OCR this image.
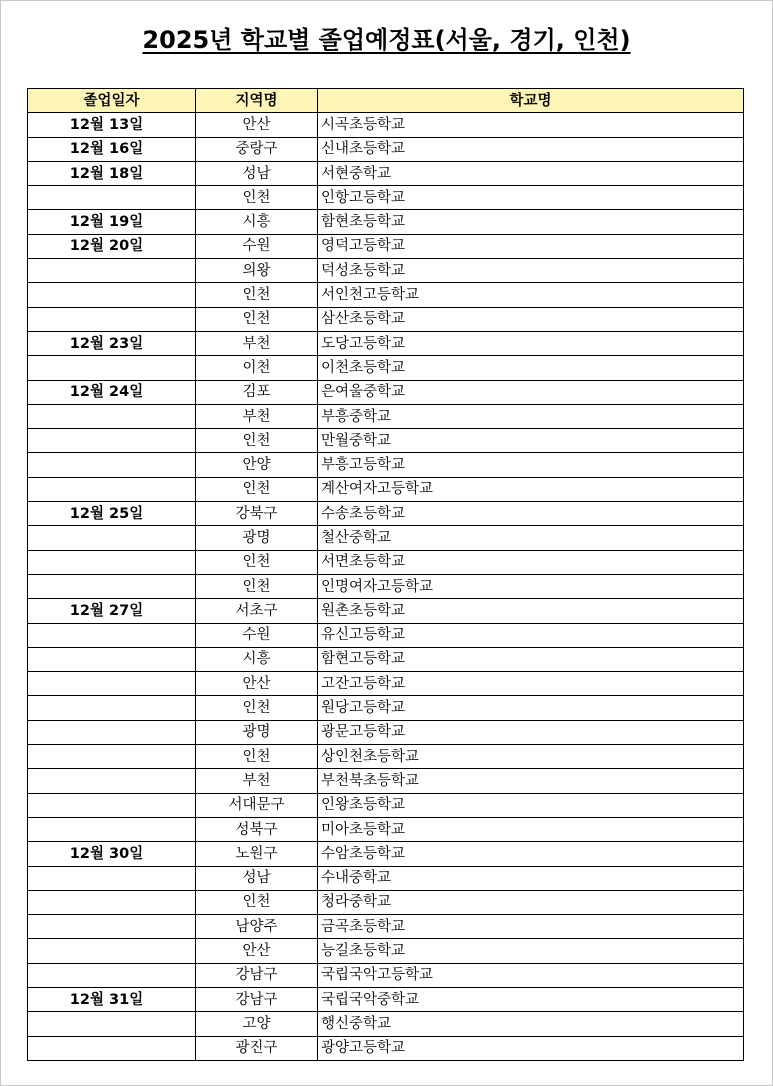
2025년 학교별 졸업예정표(서울, 경기, 인천)
졸업일자	지역명	학교명
12월 13일	안산	시곡초등학교
12월 16일	중랑구	신내초등학교
12월 18일	성남	서현중학교
	인천	인항고등학교
12월 19일	시흥	함현초등학교
12월 20일	수원	영덕고등학교
	의왕	덕성초등학교
	인천	서인천고등학교
	인천	삼산초등학교
12월 23일	부천	도당고등학교
	이천	이천초등학교
12월 24일	김포	은여울중학교
	부천	부흥중학교
	인천	만월중학교
	안양	부흥고등학교
	인천	계산여자고등학교
12월 25일	강북구	수송초등학교
	광명	철산중학교
	인천	서면초등학교
	인천	인명여자고등학교
12월 27일	서초구	원촌초등학교
	수원	유신고등학교
	시흥	함현고등학교
	안산	고잔고등학교
	인천	원당고등학교
	광명	광문고등학교
	인천	상인천초등학교
	부천	부천북초등학교
	서대문구	인왕초등학교
	성북구	미아초등학교
12월 30일	노원구	수암초등학교
	성남	수내중학교
	인천	청라중학교
	남양주	금곡초등학교
	안산	능길초등학교
	강남구	국립국악고등학교
12월 31일	강남구	국립국악중학교
	고양	행신중학교
	광진구	광양고등학교
